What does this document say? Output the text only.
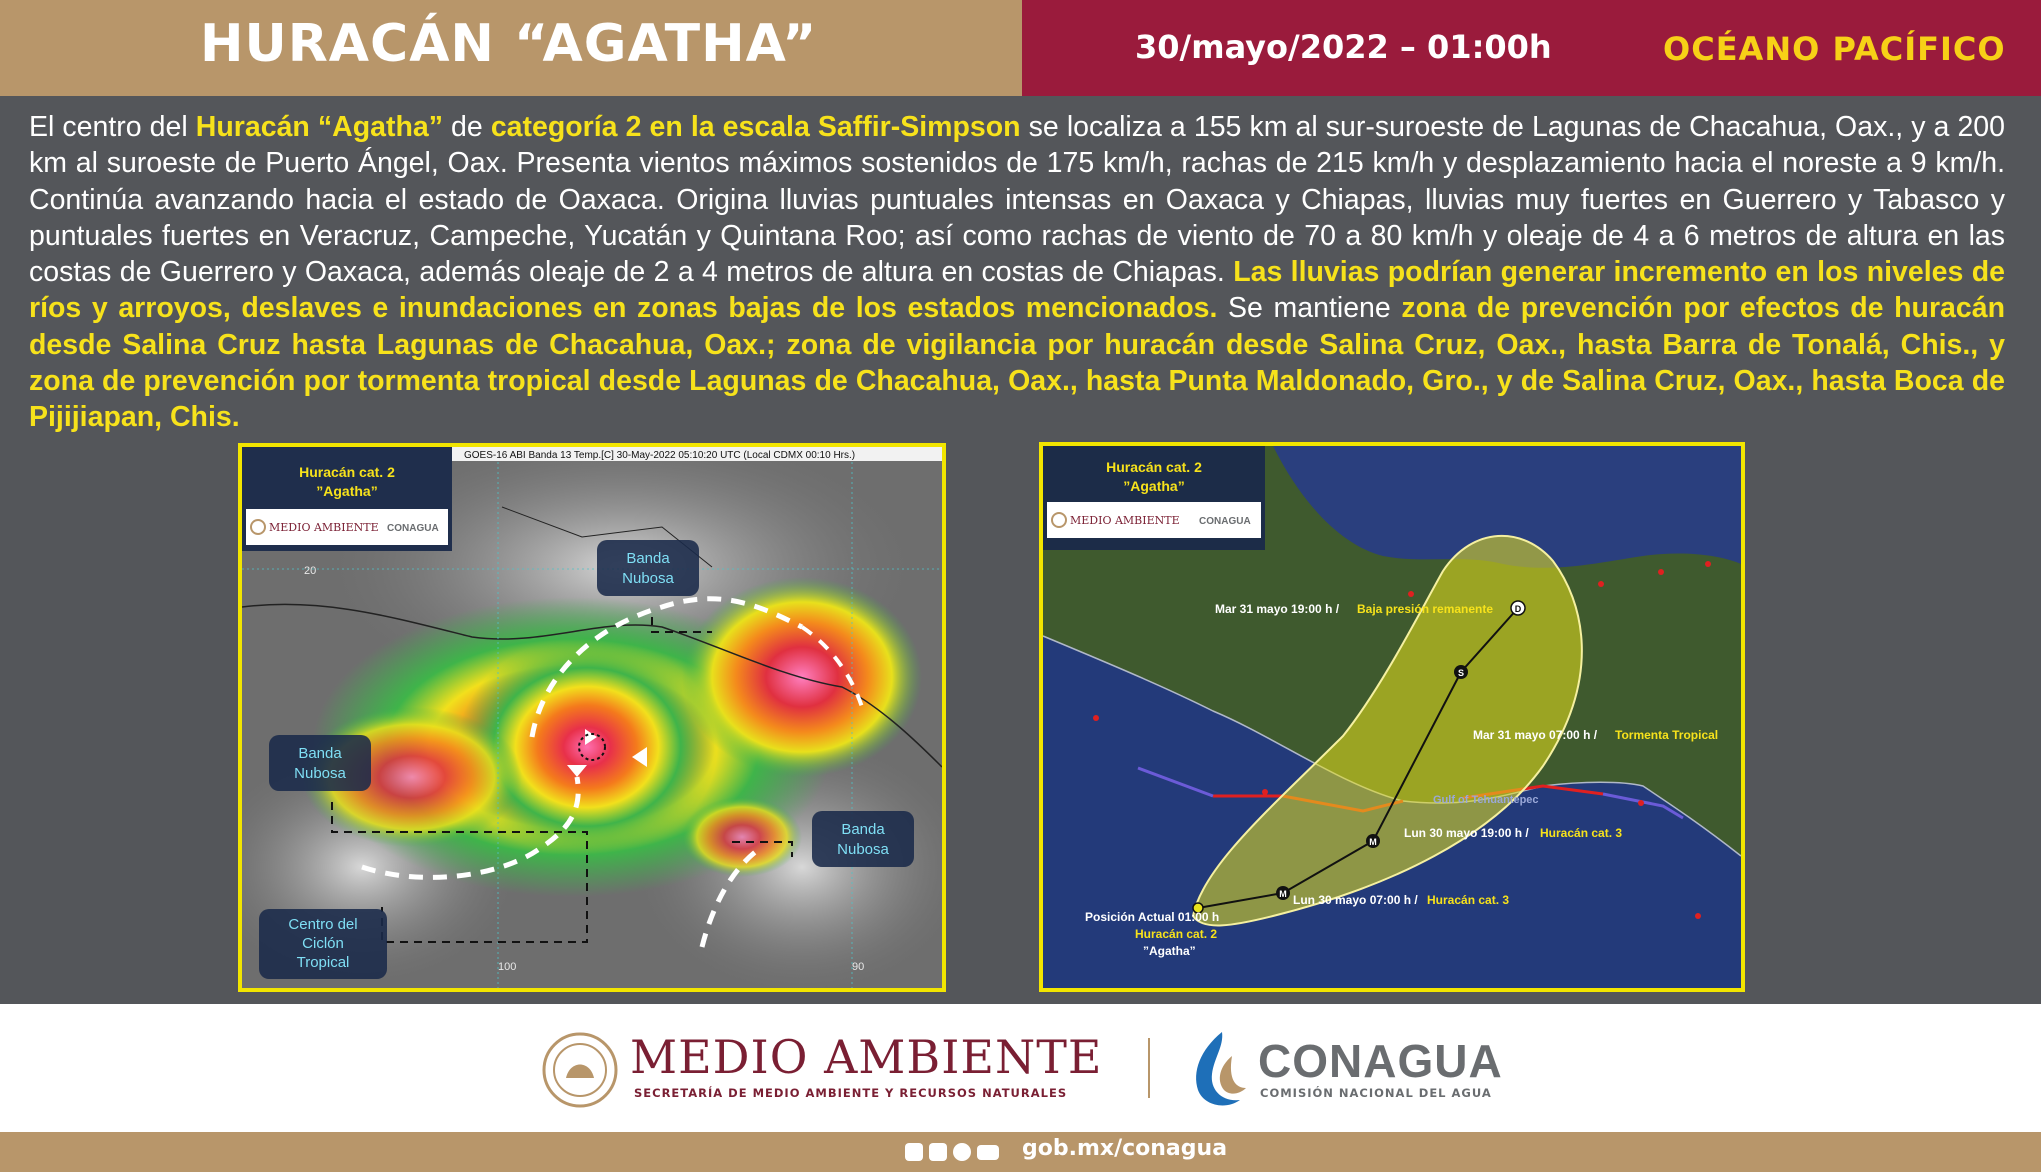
HURACÁN “AGATHA”	30/mayo/2022 – 01:00h	OCÉANO PACÍFICO
El centro del Huracán “Agatha” de categoría 2 en la escala Saffir-Simpson se localiza a 155 km al sur-suroeste de Lagunas de Chacahua, Oax., y a 200 km al suroeste de Puerto Ángel, Oax. Presenta vientos máximos sostenidos de 175 km/h, rachas de 215 km/h y desplazamiento hacia el noreste a 9 km/h. Continúa avanzando hacia el estado de Oaxaca. Origina lluvias puntuales intensas en Oaxaca y Chiapas, lluvias muy fuertes en Guerrero y Tabasco y puntuales fuertes en Veracruz, Campeche, Yucatán y Quintana Roo; así como rachas de viento de 70 a 80 km/h y oleaje de 4 a 6 metros de altura en las costas de Guerrero y Oaxaca, además oleaje de 2 a 4 metros de altura en costas de Chiapas. Las lluvias podrían generar incremento en los niveles de ríos y arroyos, deslaves e inundaciones en zonas bajas de los estados mencionados. Se mantiene zona de prevención por efectos de huracán desde Salina Cruz hasta Lagunas de Chacahua, Oax.; zona de vigilancia por huracán desde Salina Cruz, Oax., hasta Barra de Tonalá, Chis., y zona de prevención por tormenta tropical desde Lagunas de Chacahua, Oax., hasta Punta Maldonado, Gro., y de Salina Cruz, Oax., hasta Boca de Pijijiapan, Chis.
20
100	90
Huracán cat. 2
”Agatha”
MEDIO AMBIENTE CONAGUA
GOES-16 ABI Banda 13 Temp.[C] 30-May-2022 05:10:20 UTC (Local CDMX 00:10 Hrs.)
Banda
Nubosa
Banda
Nubosa
Banda
Nubosa
Centro del
Ciclón
Tropical
M
M
S
D
Mar 31 mayo 19:00 h / Baja presión remanente
Mar 31 mayo 07:00 h / Tormenta Tropical
Lun 30 mayo 19:00 h / Huracán cat. 3
Lun 30 mayo 07:00 h / Huracán cat. 3
Posición Actual 01:00 h
Huracán cat. 2
”Agatha”
Gulf of Tehuantepec
Huracán cat. 2
”Agatha”
MEDIO AMBIENTE CONAGUA
MEDIO AMBIENTE
SECRETARÍA DE MEDIO AMBIENTE Y RECURSOS NATURALES
CONAGUA
COMISIÓN NACIONAL DEL AGUA
gob.mx/conagua
